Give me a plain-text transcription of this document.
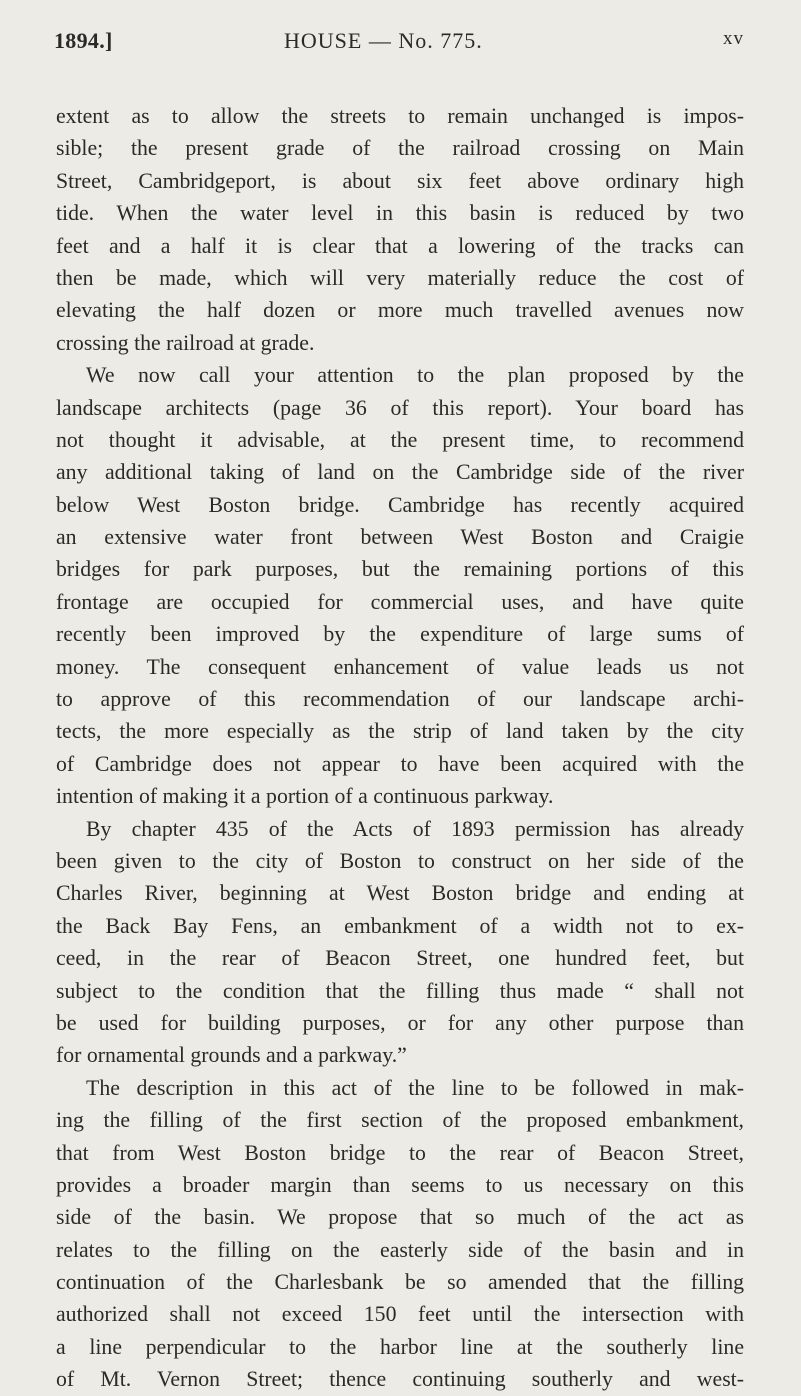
1894.]	HOUSE — No. 775.	xv
extent as to allow the streets to remain unchanged is impos-
sible; the present grade of the railroad crossing on Main
Street, Cambridgeport, is about six feet above ordinary high
tide. When the water level in this basin is reduced by two
feet and a half it is clear that a lowering of the tracks can
then be made, which will very materially reduce the cost of
elevating the half dozen or more much travelled avenues now
crossing the railroad at grade.
We now call your attention to the plan proposed by the
landscape architects (page 36 of this report). Your board has
not thought it advisable, at the present time, to recommend
any additional taking of land on the Cambridge side of the river
below West Boston bridge. Cambridge has recently acquired
an extensive water front between West Boston and Craigie
bridges for park purposes, but the remaining portions of this
frontage are occupied for commercial uses, and have quite
recently been improved by the expenditure of large sums of
money. The consequent enhancement of value leads us not
to approve of this recommendation of our landscape archi-
tects, the more especially as the strip of land taken by the city
of Cambridge does not appear to have been acquired with the
intention of making it a portion of a continuous parkway.
By chapter 435 of the Acts of 1893 permission has already
been given to the city of Boston to construct on her side of the
Charles River, beginning at West Boston bridge and ending at
the Back Bay Fens, an embankment of a width not to ex-
ceed, in the rear of Beacon Street, one hundred feet, but
subject to the condition that the filling thus made “ shall not
be used for building purposes, or for any other purpose than
for ornamental grounds and a parkway.”
The description in this act of the line to be followed in mak-
ing the filling of the first section of the proposed embankment,
that from West Boston bridge to the rear of Beacon Street,
provides a broader margin than seems to us necessary on this
side of the basin. We propose that so much of the act as
relates to the filling on the easterly side of the basin and in
continuation of the Charlesbank be so amended that the filling
authorized shall not exceed 150 feet until the intersection with
a line perpendicular to the harbor line at the southerly line
of Mt. Vernon Street; thence continuing southerly and west-
